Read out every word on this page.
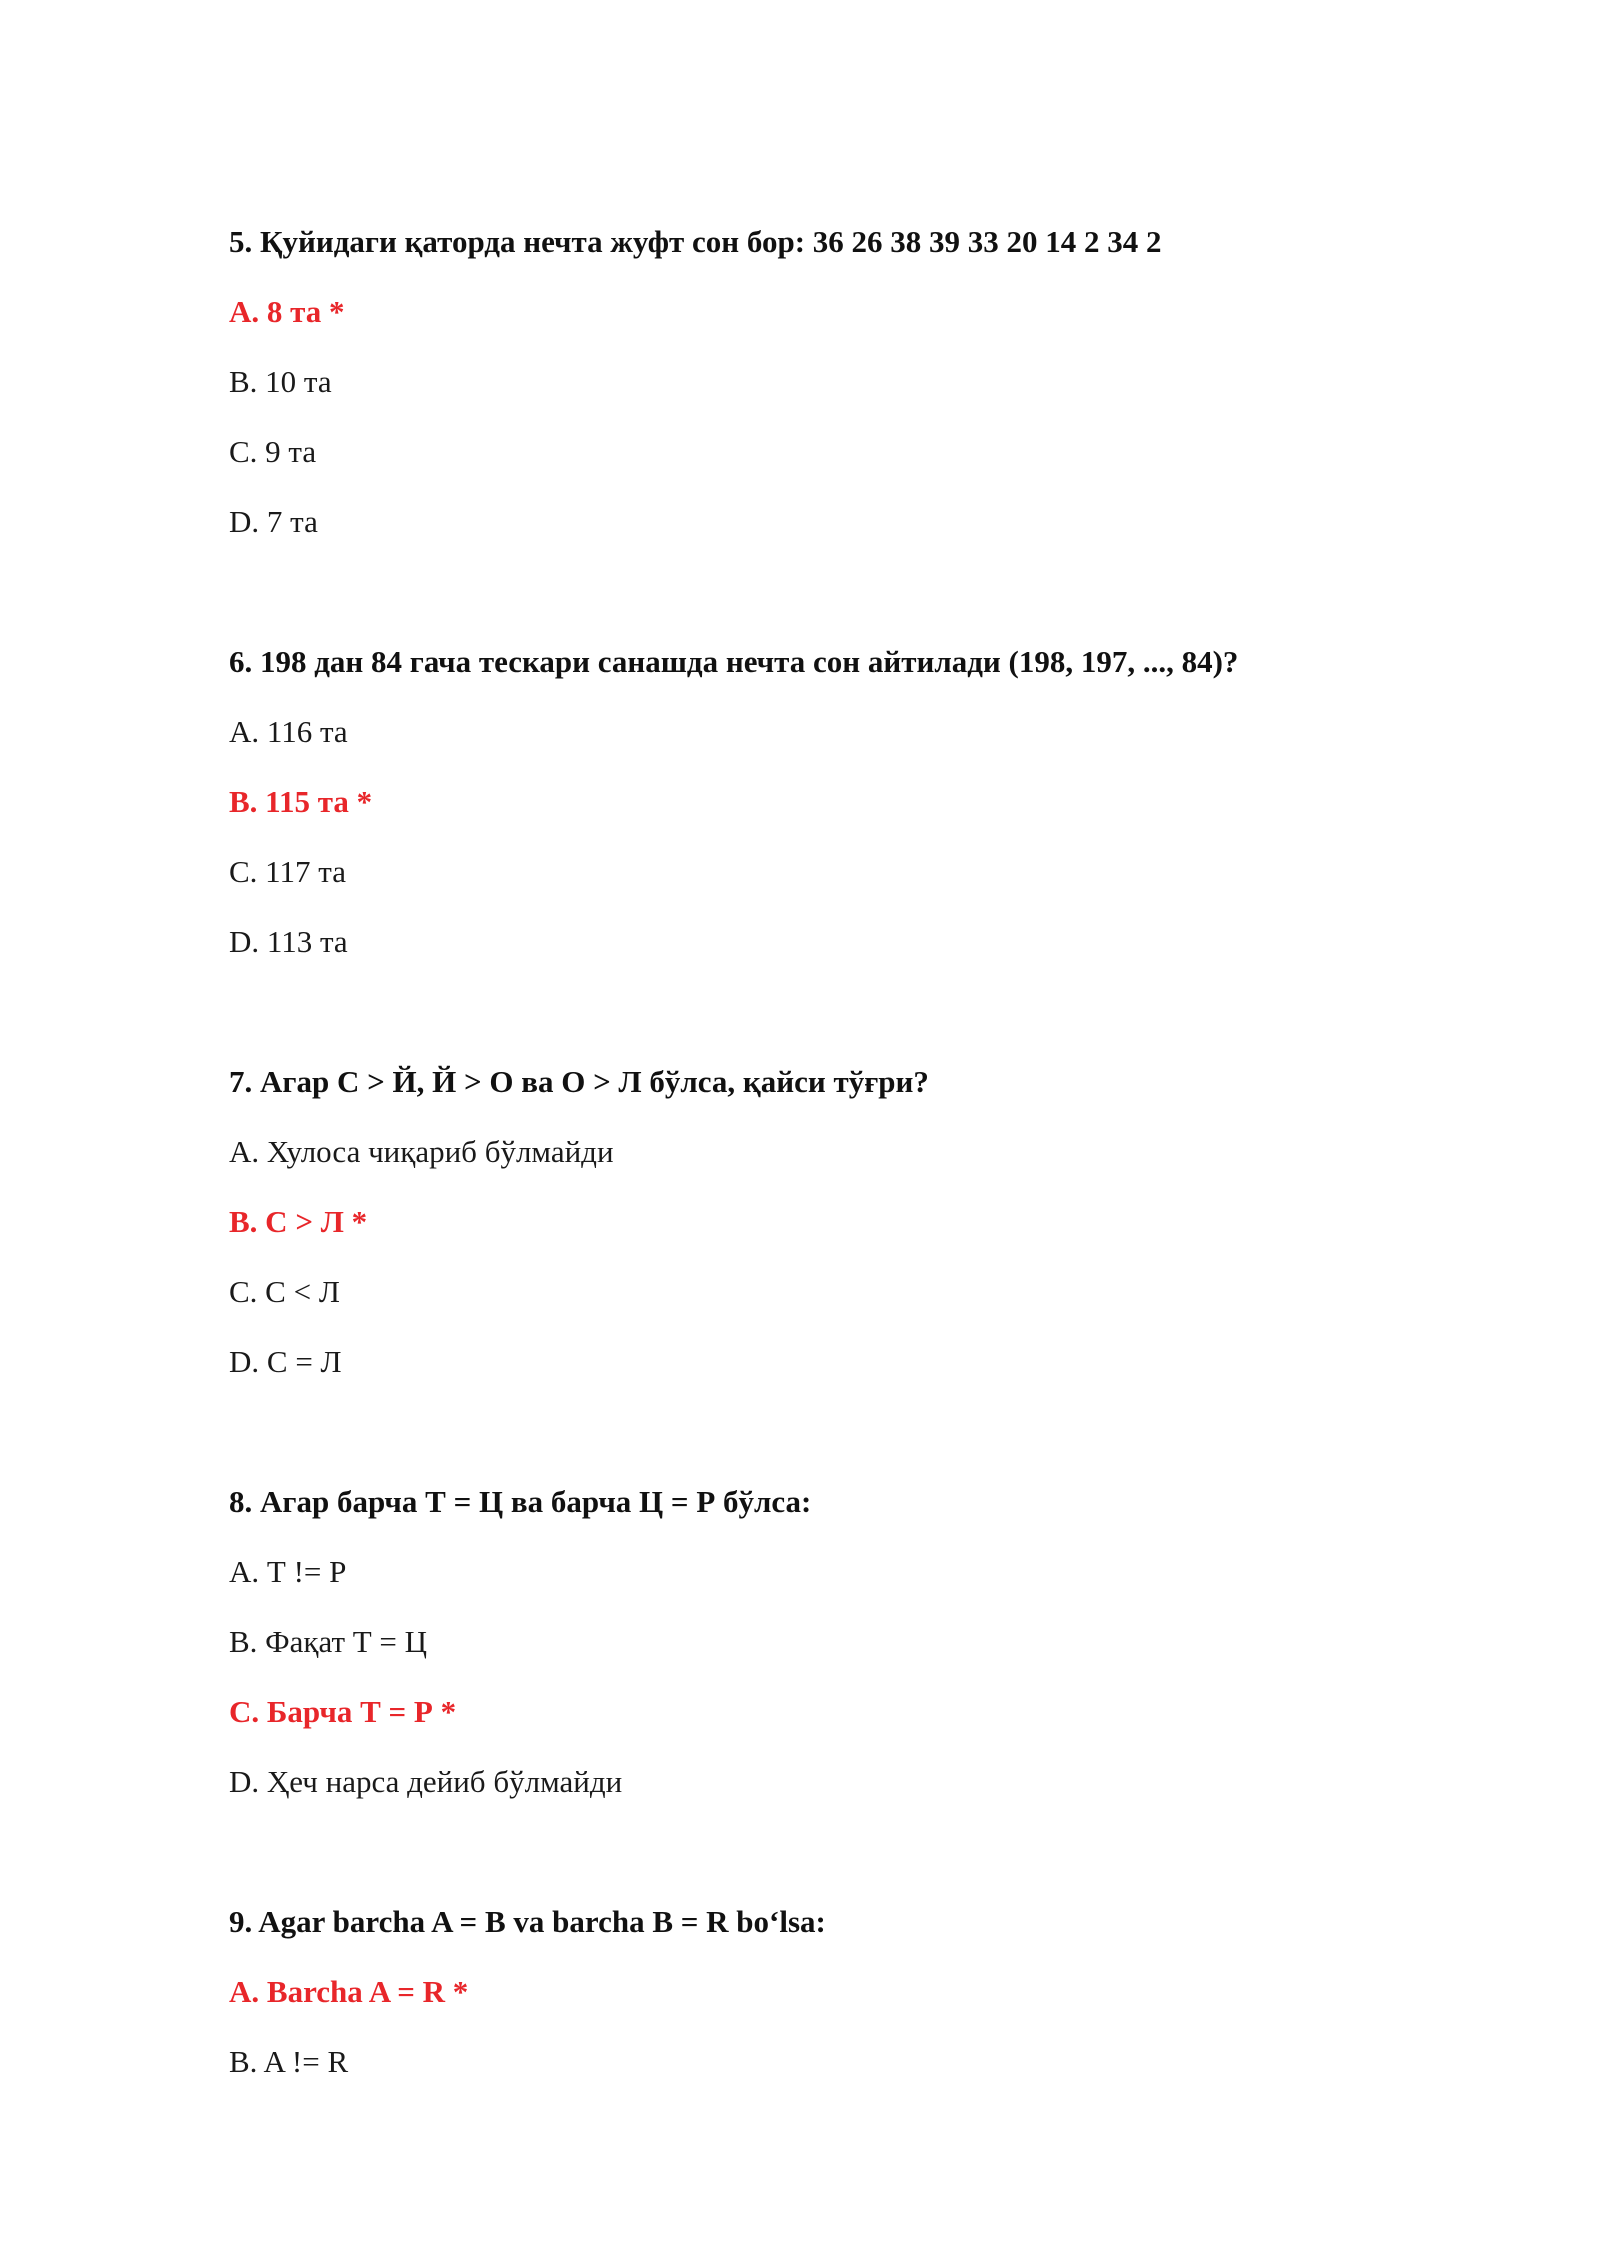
5. Қуйидаги қаторда нечта жуфт сон бор: 36 26 38 39 33 20 14 2 34 2
A. 8 та *
B. 10 та
C. 9 та
D. 7 та
6. 198 дан 84 гача тескари санашда нечта сон айтилади (198, 197, ..., 84)?
A. 116 та
B. 115 та *
C. 117 та
D. 113 та
7. Агар С > Й, Й > О ва О > Л бўлса, қайси тўғри?
A. Хулоса чиқариб бўлмайди
B. С > Л *
C. С < Л
D. С = Л
8. Агар барча Т = Ц ва барча Ц = Р бўлса:
A. Т != Р
B. Фақат Т = Ц
C. Барча Т = Р *
D. Ҳеч нарса дейиб бўлмайди
9. Agar barcha A = B va barcha B = R bo‘lsa:
A. Barcha A = R *
B. A != R
